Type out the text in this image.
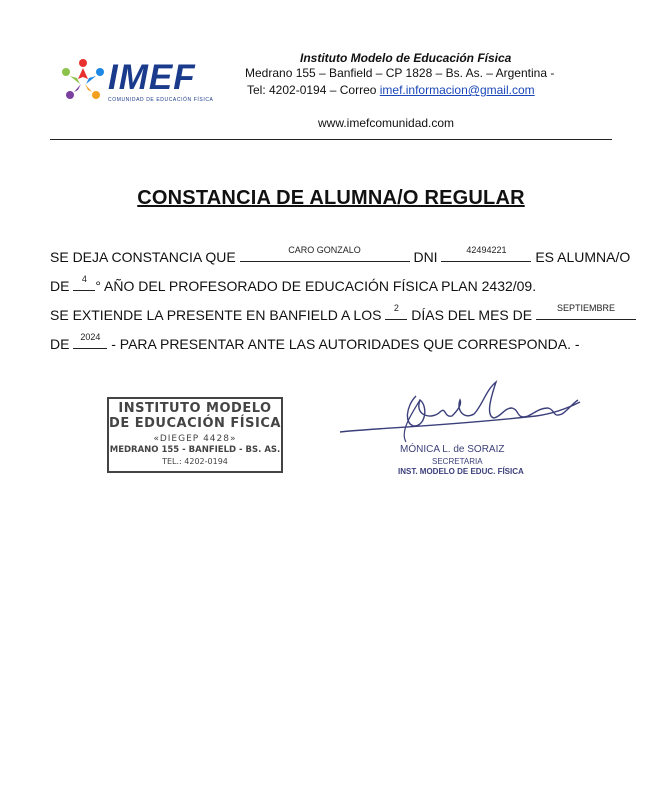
IMEF
COMUNIDAD DE EDUCACIÓN FÍSICA
Instituto Modelo de Educación Física
Medrano 155 – Banfield – CP 1828 – Bs. As. – Argentina -
Tel: 4202-0194 – Correo imef.informacion@gmail.com
www.imefcomunidad.com
CONSTANCIA DE ALUMNA/O REGULAR
SE DEJA CONSTANCIA QUE	CARO GONZALO	DNI	42494221	ES ALUMNA/O
DE 4 ° AÑO DEL PROFESORADO DE EDUCACIÓN FÍSICA PLAN 2432/09.
SE EXTIENDE LA PRESENTE EN BANFIELD A LOS 2 DÍAS DEL MES DE	SEPTIEMBRE
DE 2024 - PARA PRESENTAR ANTE LAS AUTORIDADES QUE CORRESPONDA. -
INSTITUTO MODELO
DE EDUCACIÓN FÍSICA
«DIEGEP 4428»
MEDRANO 155 - BANFIELD - BS. AS.
TEL.: 4202-0194
MÓNICA L. de SORAIZ
SECRETARIA
INST. MODELO DE EDUC. FÍSICA
